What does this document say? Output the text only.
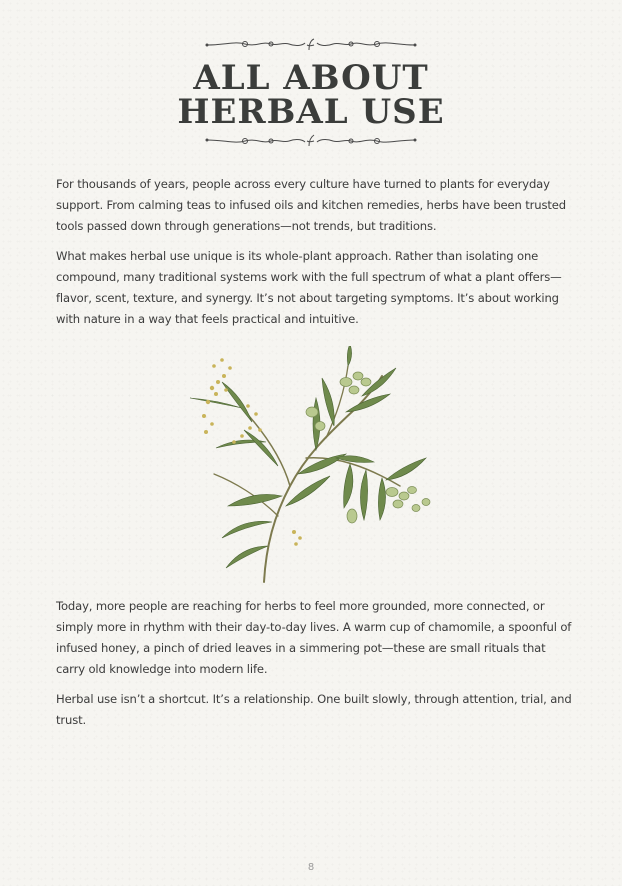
ALL ABOUT
HERBAL USE

For thousands of years, people across every culture have turned to plants for everyday support. From calming teas to infused oils and kitchen remedies, herbs have been trusted tools passed down through generations—not trends, but traditions.

What makes herbal use unique is its whole-plant approach. Rather than isolating one compound, many traditional systems work with the full spectrum of what a plant offers—flavor, scent, texture, and synergy. It’s not about targeting symptoms. It’s about working with nature in a way that feels practical and intuitive.

Today, more people are reaching for herbs to feel more grounded, more connected, or simply more in rhythm with their day-to-day lives. A warm cup of chamomile, a spoonful of infused honey, a pinch of dried leaves in a simmering pot—these are small rituals that carry old knowledge into modern life.

Herbal use isn’t a shortcut. It’s a relationship. One built slowly, through attention, trial, and trust.

8
